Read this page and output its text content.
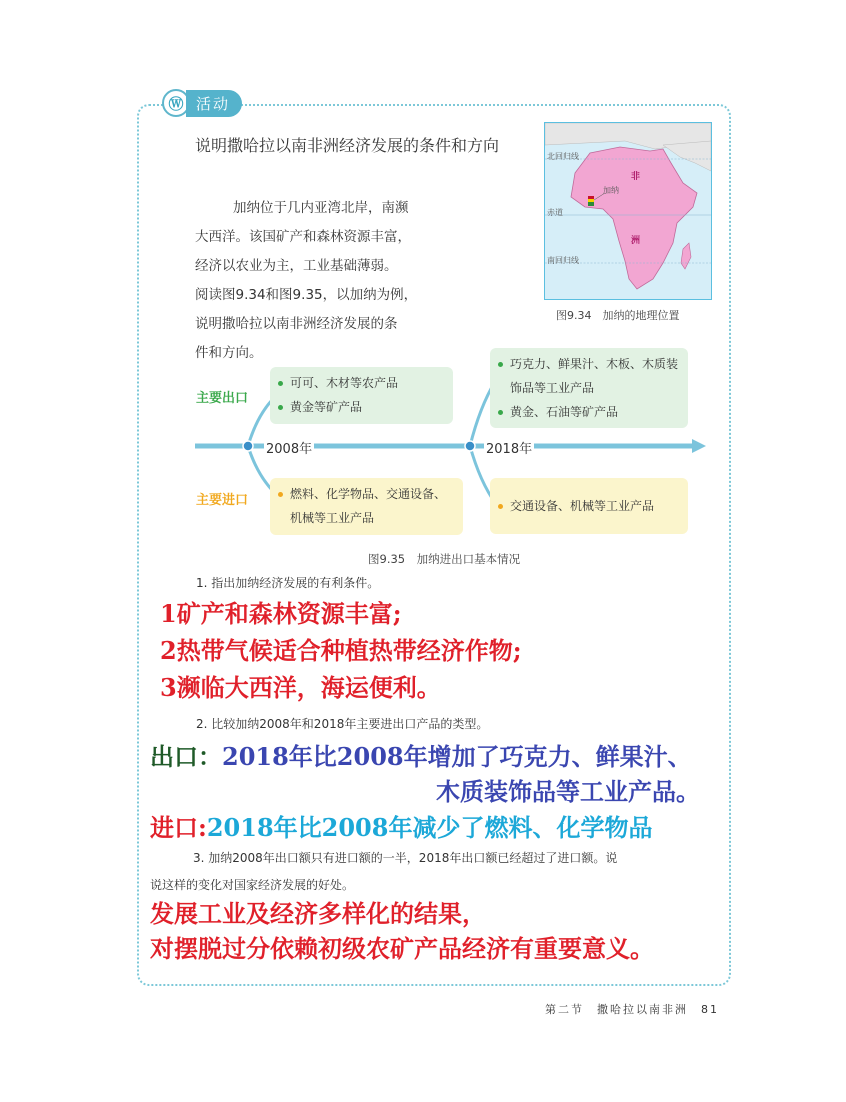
Ⓦ 活动
说明撒哈拉以南非洲经济发展的条件和方向
加纳位于几内亚湾北岸，南濒
大西洋。该国矿产和森林资源丰富，
经济以农业为主，工业基础薄弱。
阅读图9.34和图9.35，以加纳为例，
说明撒哈拉以南非洲经济发展的条
件和方向。
北回归线
赤道
南回归线
加纳
非
洲
图9.34　加纳的地理位置
主要出口
主要进口
2008年	2018年
可可、木材等农产品
黄金等矿产品
巧克力、鲜果汁、木板、木质装饰品等工业产品
黄金、石油等矿产品
燃料、化学物品、交通设备、机械等工业产品
交通设备、机械等工业产品
图9.35　加纳进出口基本情况
1. 指出加纳经济发展的有利条件。
1矿产和森林资源丰富;
2热带气候适合种植热带经济作物;
3濒临大西洋，海运便利。
2. 比较加纳2008年和2018年主要进出口产品的类型。
出口：2018年比2008年增加了巧克力、鲜果汁、
木质装饰品等工业产品。
进口:2018年比2008年减少了燃料、化学物品
3. 加纳2008年出口额只有进口额的一半，2018年出口额已经超过了进口额。说
说这样的变化对国家经济发展的好处。
发展工业及经济多样化的结果，
对摆脱过分依赖初级农矿产品经济有重要意义。
第二节　撒哈拉以南非洲　81
